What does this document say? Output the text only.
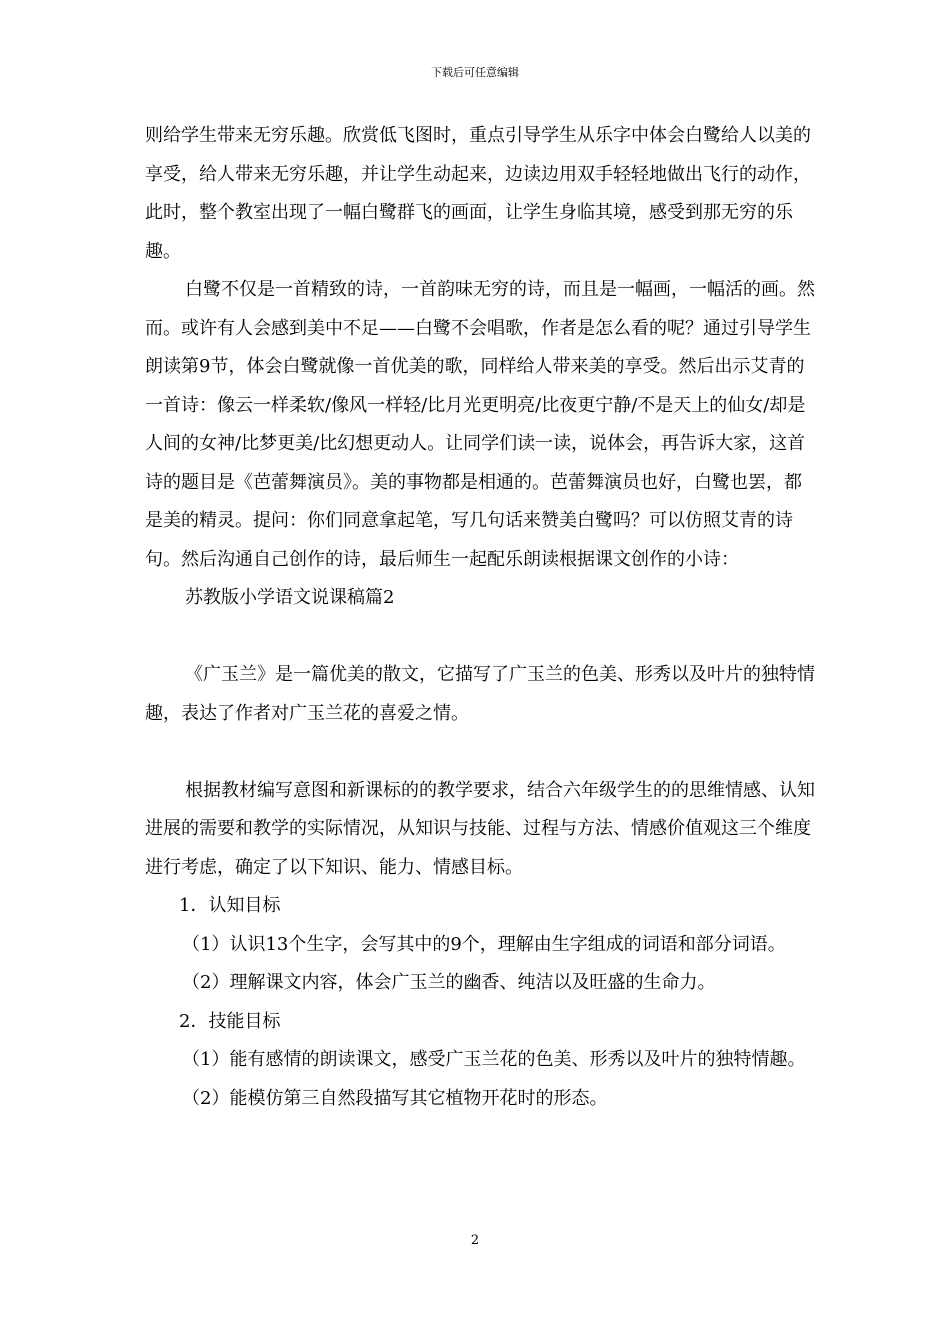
下载后可任意编辑

则给学生带来无穷乐趣。欣赏低飞图时，重点引导学生从乐字中体会白鹭给人以美的享受，给人带来无穷乐趣，并让学生动起来，边读边用双手轻轻地做出飞行的动作，此时，整个教室出现了一幅白鹭群飞的画面，让学生身临其境，感受到那无穷的乐趣。

白鹭不仅是一首精致的诗，一首韵味无穷的诗，而且是一幅画，一幅活的画。然而。或许有人会感到美中不足——白鹭不会唱歌，作者是怎么看的呢？通过引导学生朗读第9节，体会白鹭就像一首优美的歌，同样给人带来美的享受。然后出示艾青的一首诗：像云一样柔软/像风一样轻/比月光更明亮/比夜更宁静/不是天上的仙女/却是人间的女神/比梦更美/比幻想更动人。让同学们读一读，说体会，再告诉大家，这首诗的题目是《芭蕾舞演员》。美的事物都是相通的。芭蕾舞演员也好，白鹭也罢，都是美的精灵。提问：你们同意拿起笔，写几句话来赞美白鹭吗？可以仿照艾青的诗句。然后沟通自己创作的诗，最后师生一起配乐朗读根据课文创作的小诗：

苏教版小学语文说课稿篇2

《广玉兰》是一篇优美的散文，它描写了广玉兰的色美、形秀以及叶片的独特情趣，表达了作者对广玉兰花的喜爱之情。

根据教材编写意图和新课标的的教学要求，结合六年级学生的的思维情感、认知进展的需要和教学的实际情况，从知识与技能、过程与方法、情感价值观这三个维度进行考虑，确定了以下知识、能力、情感目标。

1．认知目标

（1）认识13个生字，会写其中的9个，理解由生字组成的词语和部分词语。

（2）理解课文内容，体会广玉兰的幽香、纯洁以及旺盛的生命力。

2．技能目标

（1）能有感情的朗读课文，感受广玉兰花的色美、形秀以及叶片的独特情趣。

（2）能模仿第三自然段描写其它植物开花时的形态。

2
